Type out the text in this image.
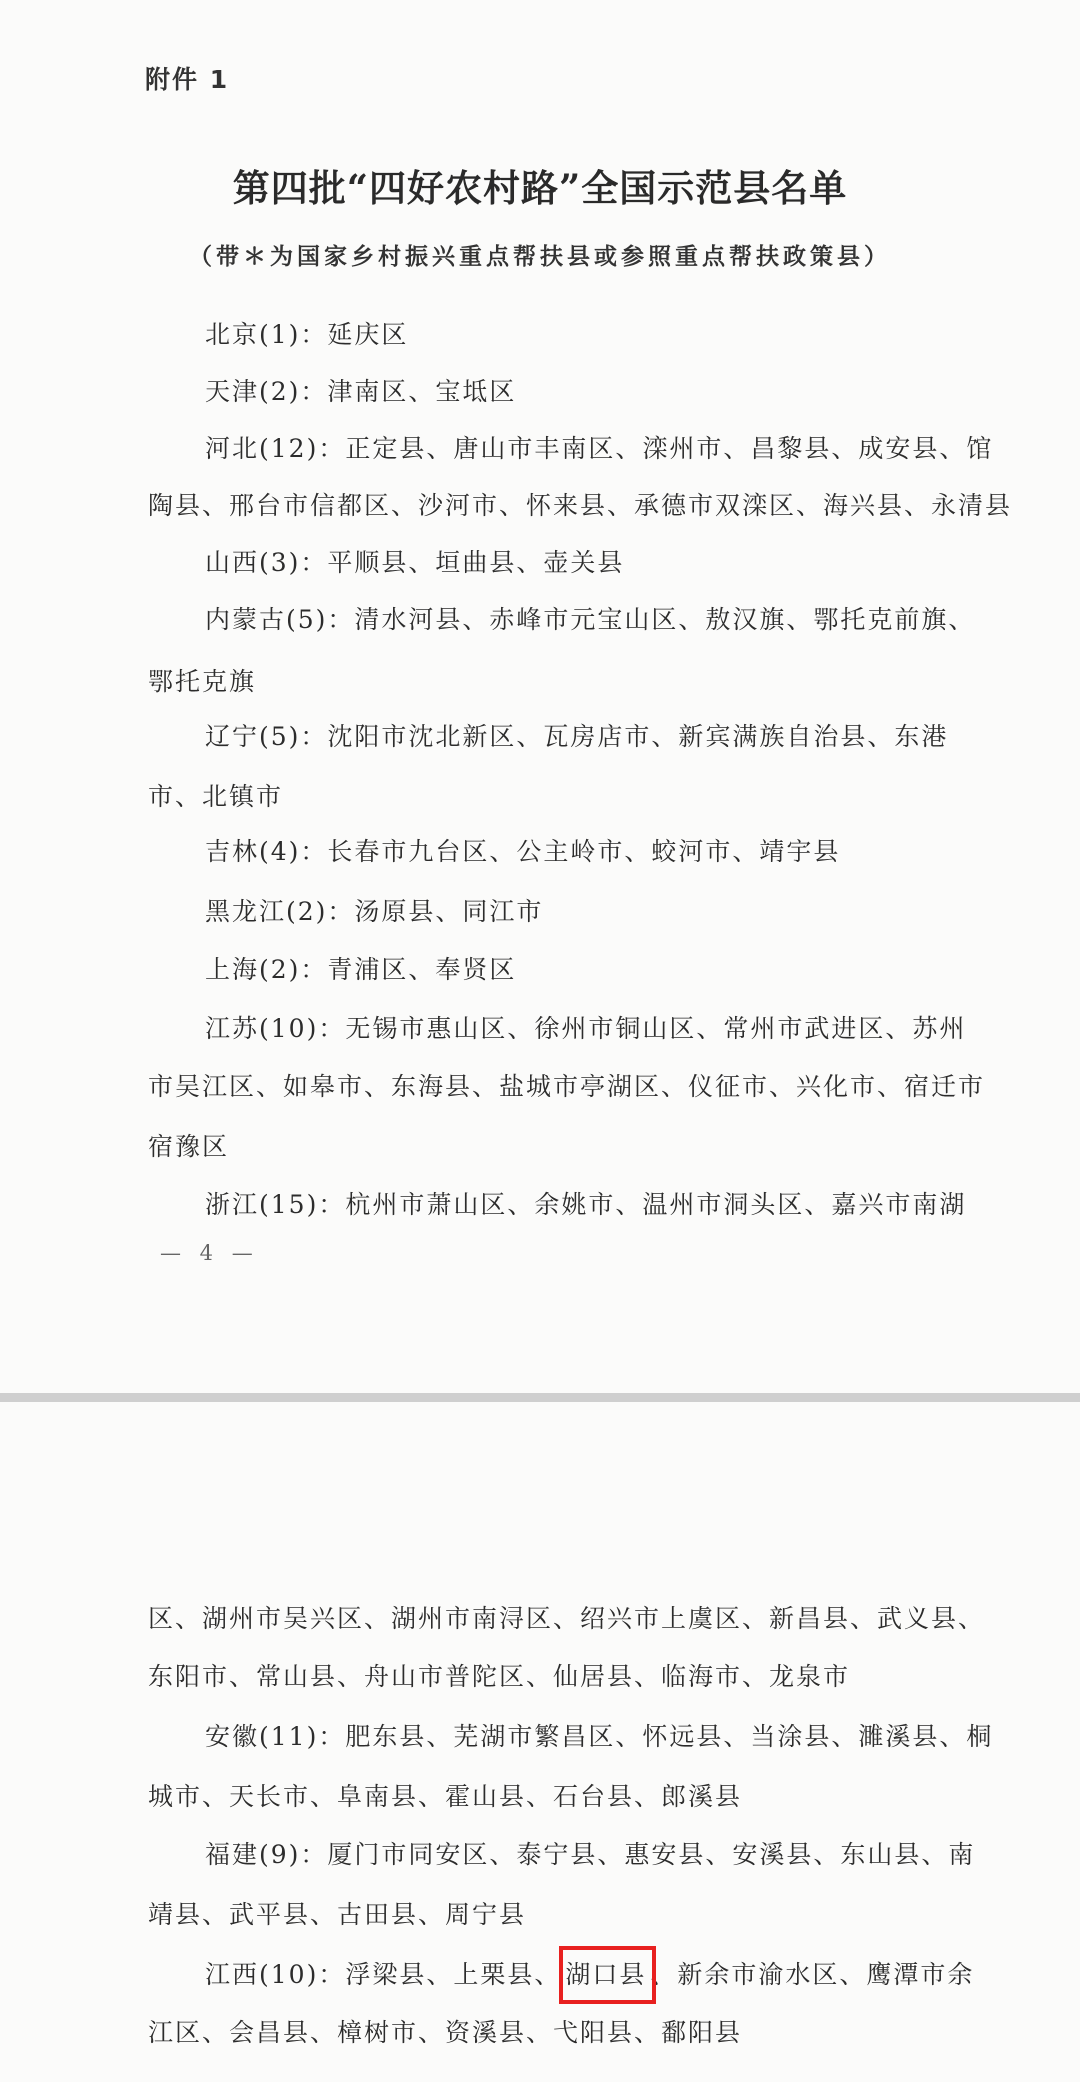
附件 1
第四批“四好农村路”全国示范县名单
（带＊为国家乡村振兴重点帮扶县或参照重点帮扶政策县）
北京(1)：延庆区
天津(2)：津南区、宝坻区
河北(12)：正定县、唐山市丰南区、滦州市、昌黎县、成安县、馆
陶县、邢台市信都区、沙河市、怀来县、承德市双滦区、海兴县、永清县
山西(3)：平顺县、垣曲县、壶关县
内蒙古(5)：清水河县、赤峰市元宝山区、敖汉旗、鄂托克前旗、
鄂托克旗
辽宁(5)：沈阳市沈北新区、瓦房店市、新宾满族自治县、东港
市、北镇市
吉林(4)：长春市九台区、公主岭市、蛟河市、靖宇县
黑龙江(2)：汤原县、同江市
上海(2)：青浦区、奉贤区
江苏(10)：无锡市惠山区、徐州市铜山区、常州市武进区、苏州
市吴江区、如皋市、东海县、盐城市亭湖区、仪征市、兴化市、宿迁市
宿豫区
浙江(15)：杭州市萧山区、余姚市、温州市洞头区、嘉兴市南湖
— 4 —
区、湖州市吴兴区、湖州市南浔区、绍兴市上虞区、新昌县、武义县、
东阳市、常山县、舟山市普陀区、仙居县、临海市、龙泉市
安徽(11)：肥东县、芜湖市繁昌区、怀远县、当涂县、濉溪县、桐
城市、天长市、阜南县、霍山县、石台县、郎溪县
福建(9)：厦门市同安区、泰宁县、惠安县、安溪县、东山县、南
靖县、武平县、古田县、周宁县
江西(10)：浮梁县、上栗县、 湖口县 、新余市渝水区、鹰潭市余
江区、会昌县、樟树市、资溪县、弋阳县、鄱阳县
